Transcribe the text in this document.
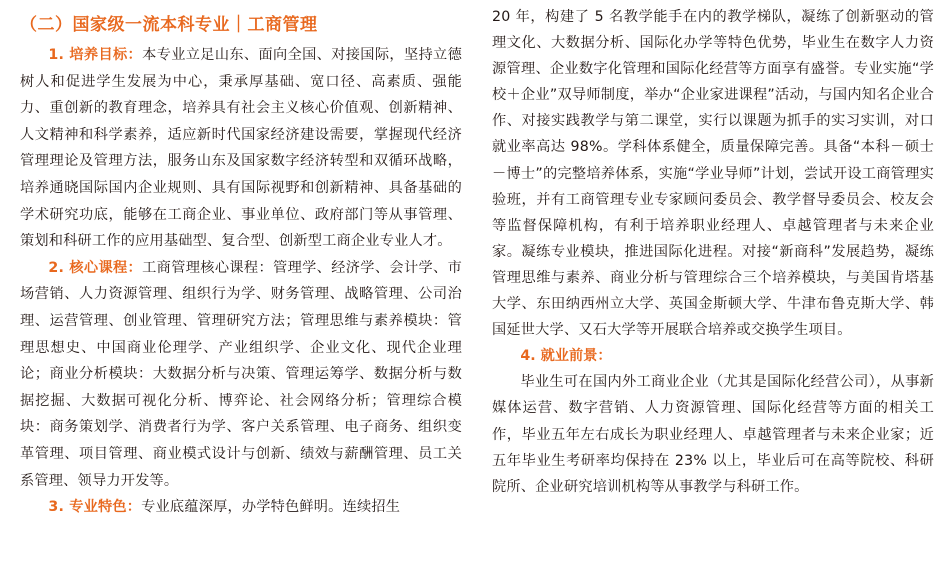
（二）国家级一流本科专业｜工商管理

1. 培养目标：本专业立足山东、面向全国、对接国际，坚持立德树人和促进学生发展为中心，秉承厚基础、宽口径、高素质、强能力、重创新的教育理念，培养具有社会主义核心价值观、创新精神、人文精神和科学素养，适应新时代国家经济建设需要，掌握现代经济管理理论及管理方法，服务山东及国家数字经济转型和双循环战略，培养通晓国际国内企业规则、具有国际视野和创新精神、具备基础的学术研究功底，能够在工商企业、事业单位、政府部门等从事管理、策划和科研工作的应用基础型、复合型、创新型工商企业专业人才。

2. 核心课程：工商管理核心课程：管理学、经济学、会计学、市场营销、人力资源管理、组织行为学、财务管理、战略管理、公司治理、运营管理、创业管理、管理研究方法；管理思维与素养模块：管理思想史、中国商业伦理学、产业组织学、企业文化、现代企业理论；商业分析模块：大数据分析与决策、管理运筹学、数据分析与数据挖掘、大数据可视化分析、博弈论、社会网络分析；管理综合模块：商务策划学、消费者行为学、客户关系管理、电子商务、组织变革管理、项目管理、商业模式设计与创新、绩效与薪酬管理、员工关系管理、领导力开发等。

3. 专业特色：专业底蕴深厚，办学特色鲜明。连续招生

20 年，构建了 5 名教学能手在内的教学梯队，凝练了创新驱动的管理文化、大数据分析、国际化办学等特色优势，毕业生在数字人力资源管理、企业数字化管理和国际化经营等方面享有盛誉。专业实施“学校＋企业”双导师制度，举办“企业家进课程”活动，与国内知名企业合作、对接实践教学与第二课堂，实行以课题为抓手的实习实训，对口就业率高达 98%。学科体系健全，质量保障完善。具备“本科－硕士－博士”的完整培养体系，实施“学业导师”计划，尝试开设工商管理实验班，并有工商管理专业专家顾问委员会、教学督导委员会、校友会等监督保障机构，有利于培养职业经理人、卓越管理者与未来企业家。凝练专业模块，推进国际化进程。对接“新商科”发展趋势，凝练管理思维与素养、商业分析与管理综合三个培养模块，与美国肯塔基大学、东田纳西州立大学、英国金斯顿大学、牛津布鲁克斯大学、韩国延世大学、又石大学等开展联合培养或交换学生项目。

4. 就业前景：

毕业生可在国内外工商业企业（尤其是国际化经营公司），从事新媒体运营、数字营销、人力资源管理、国际化经营等方面的相关工作，毕业五年左右成长为职业经理人、卓越管理者与未来企业家；近五年毕业生考研率均保持在 23% 以上，毕业后可在高等院校、科研院所、企业研究培训机构等从事教学与科研工作。
